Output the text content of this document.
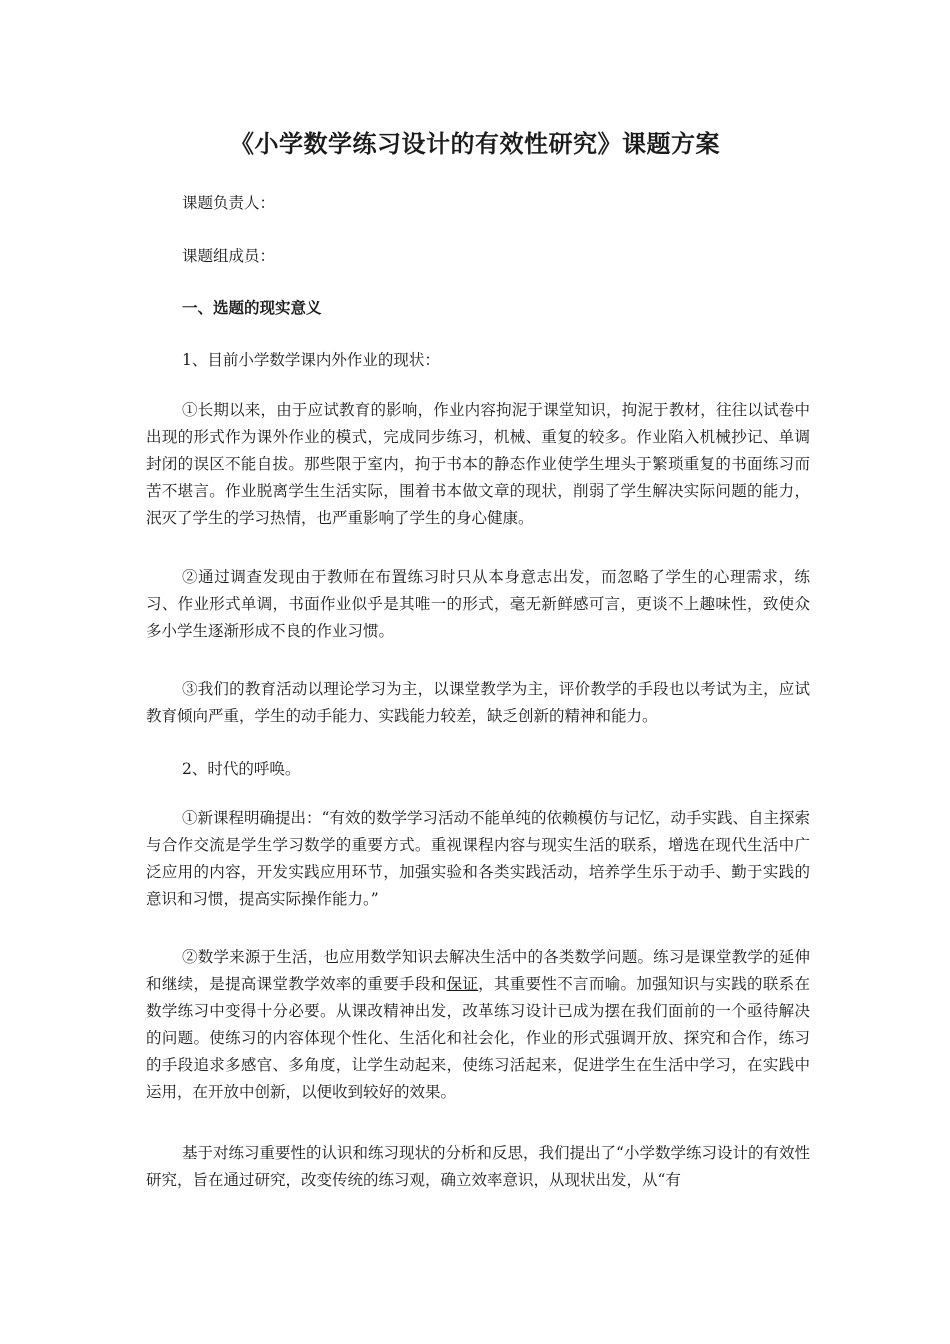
《小学数学练习设计的有效性研究》课题方案
课题负责人：
课题组成员：
一、选题的现实意义
1、目前小学数学课内外作业的现状：
①长期以来，由于应试教育的影响，作业内容拘泥于课堂知识，拘泥于教材，往往以试卷中出现的形式作为课外作业的模式，完成同步练习，机械、重复的较多。作业陷入机械抄记、单调封闭的误区不能自拔。那些限于室内，拘于书本的静态作业使学生埋头于繁琐重复的书面练习而苦不堪言。作业脱离学生生活实际，围着书本做文章的现状，削弱了学生解决实际问题的能力，泯灭了学生的学习热情，也严重影响了学生的身心健康。
②通过调查发现由于教师在布置练习时只从本身意志出发，而忽略了学生的心理需求，练习、作业形式单调，书面作业似乎是其唯一的形式，毫无新鲜感可言，更谈不上趣味性，致使众多小学生逐渐形成不良的作业习惯。
③我们的教育活动以理论学习为主，以课堂教学为主，评价教学的手段也以考试为主，应试教育倾向严重，学生的动手能力、实践能力较差，缺乏创新的精神和能力。
2、时代的呼唤。
①新课程明确提出：“有效的数学学习活动不能单纯的依赖模仿与记忆，动手实践、自主探索与合作交流是学生学习数学的重要方式。重视课程内容与现实生活的联系，增选在现代生活中广泛应用的内容，开发实践应用环节，加强实验和各类实践活动，培养学生乐于动手、勤于实践的意识和习惯，提高实际操作能力。”
②数学来源于生活，也应用数学知识去解决生活中的各类数学问题。练习是课堂教学的延伸和继续，是提高课堂教学效率的重要手段和保证，其重要性不言而喻。加强知识与实践的联系在数学练习中变得十分必要。从课改精神出发，改革练习设计已成为摆在我们面前的一个亟待解决的问题。使练习的内容体现个性化、生活化和社会化，作业的形式强调开放、探究和合作，练习的手段追求多感官、多角度，让学生动起来，使练习活起来，促进学生在生活中学习，在实践中运用，在开放中创新，以便收到较好的效果。
基于对练习重要性的认识和练习现状的分析和反思，我们提出了“小学数学练习设计的有效性研究，旨在通过研究，改变传统的练习观，确立效率意识，从现状出发，从“有
